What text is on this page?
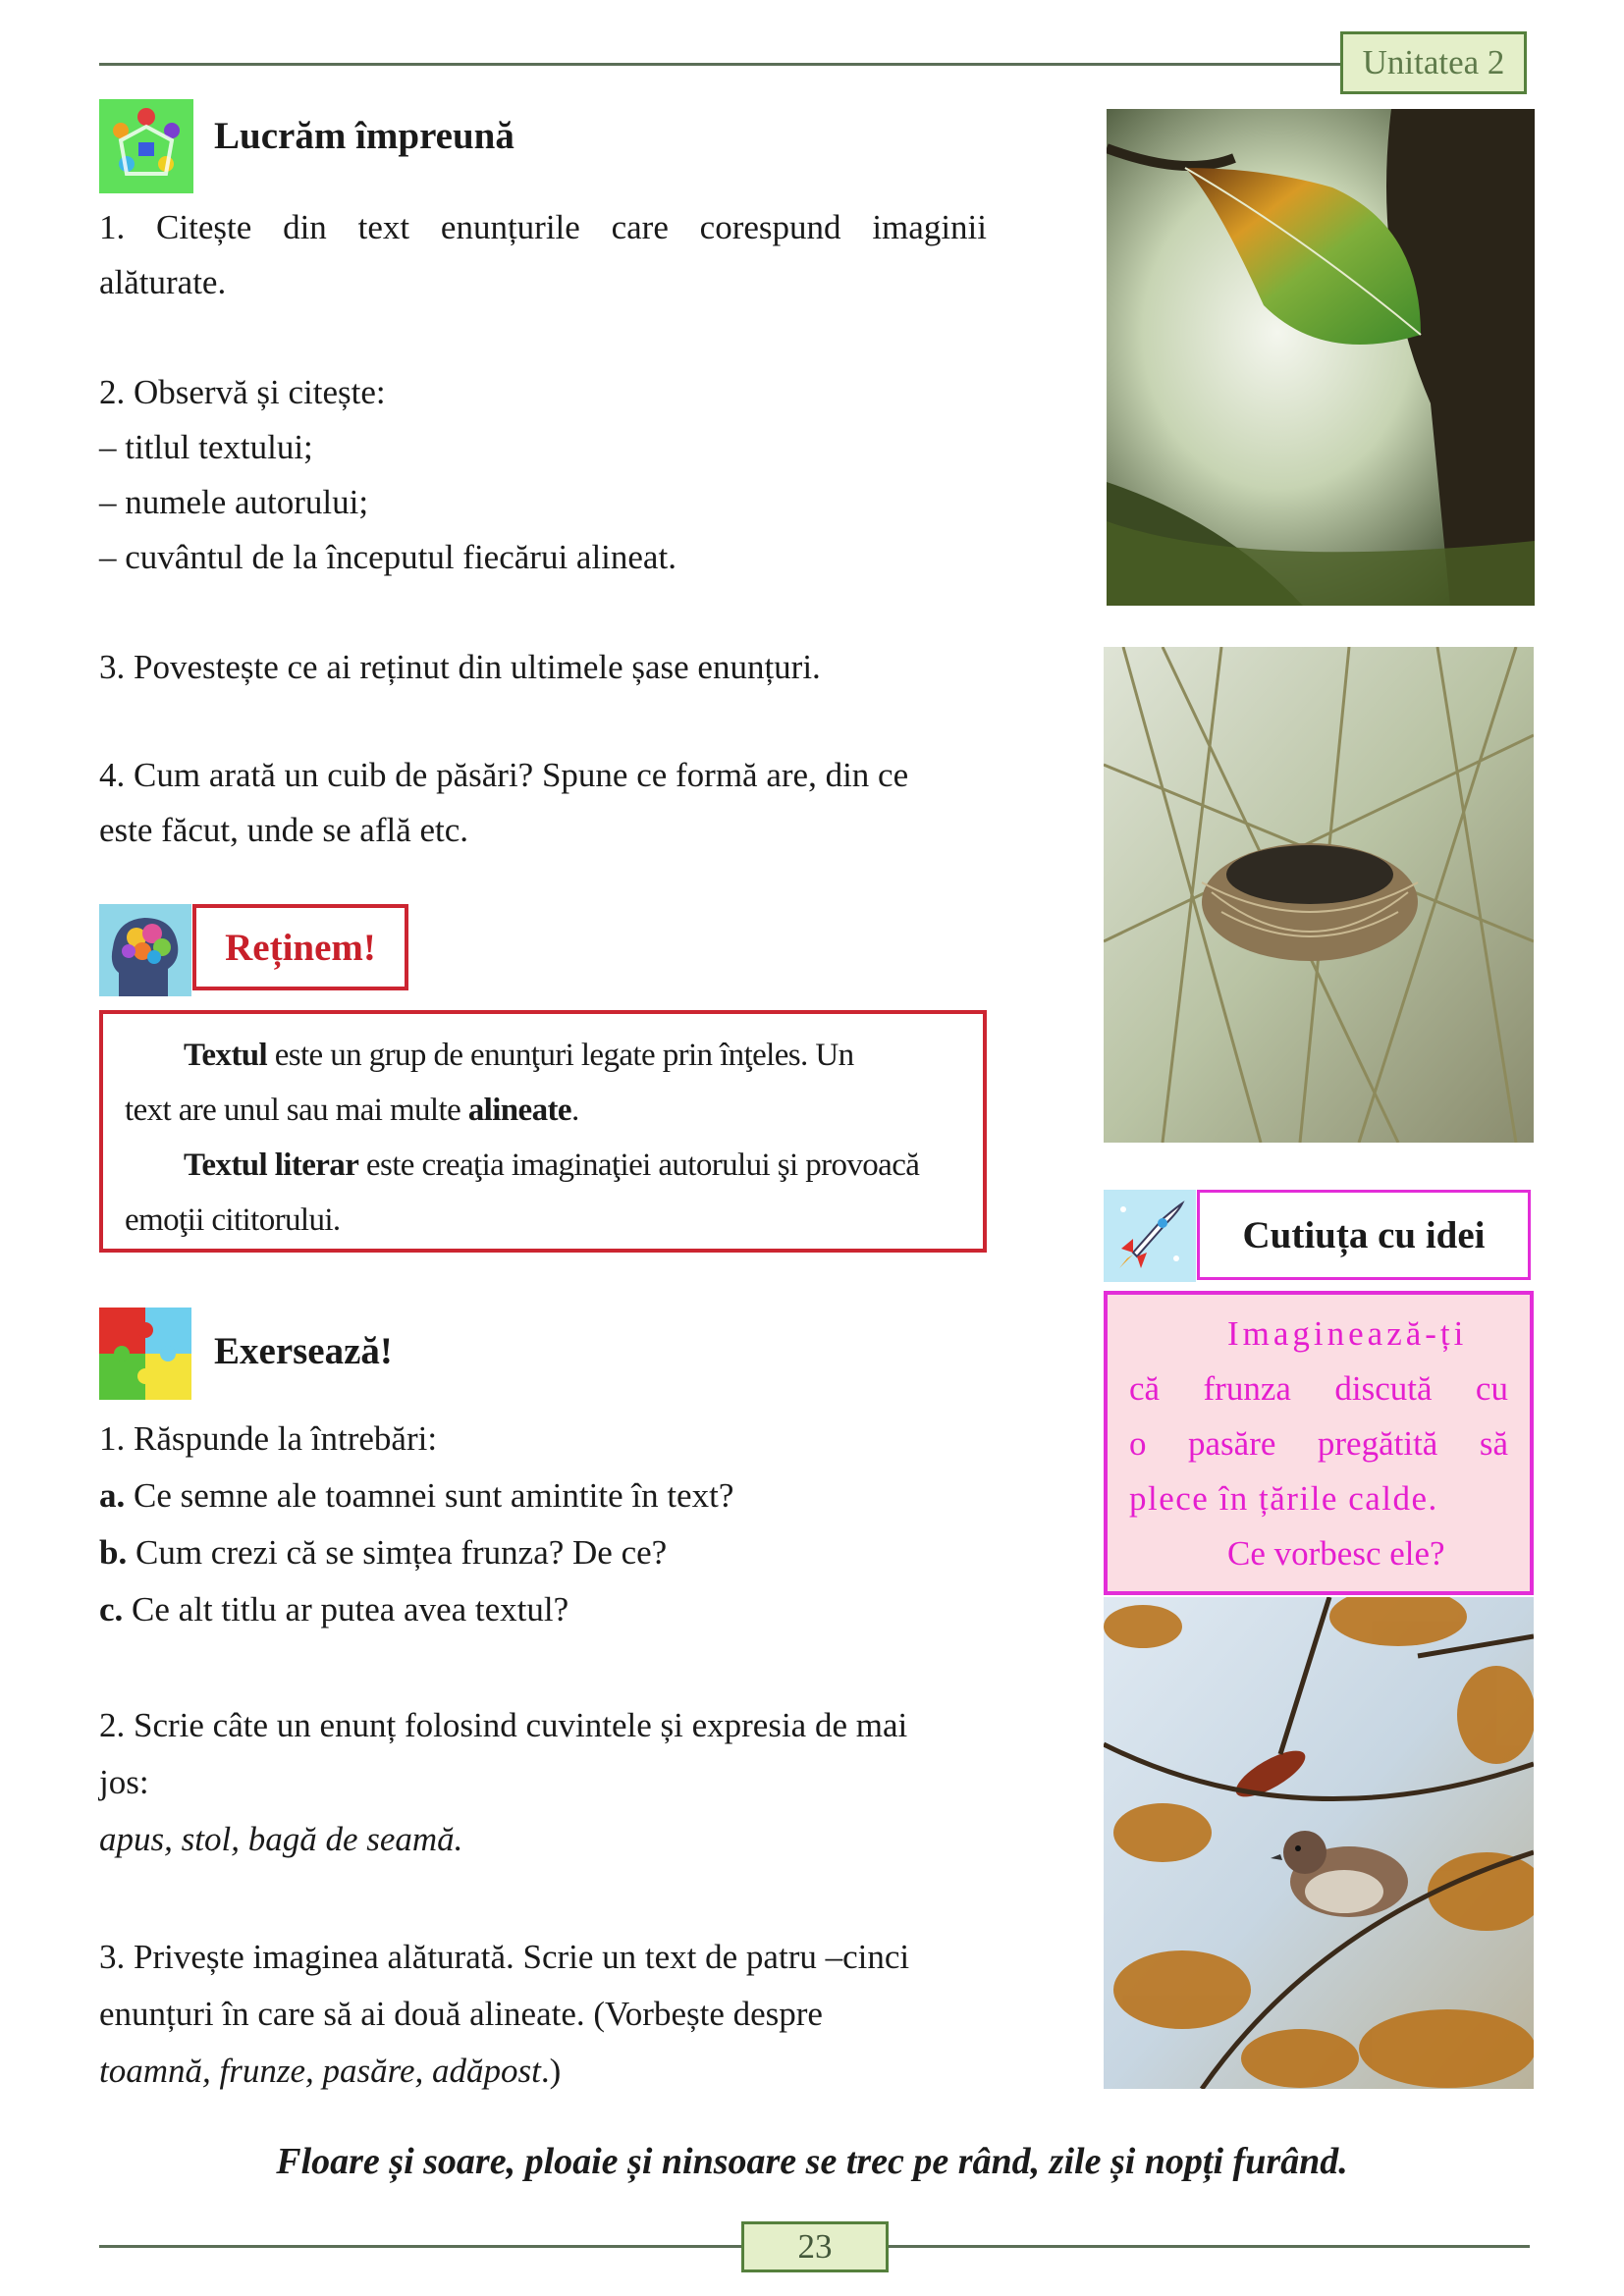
Unitatea 2
Lucrăm împreună
1. Citește din text enunțurile care corespund imaginii
alăturate.
2. Observă și citește:
– titlul textului;
– numele autorului;
– cuvântul de la începutul fiecărui alineat.
3. Povestește ce ai reținut din ultimele șase enunțuri.
4. Cum arată un cuib de păsări? Spune ce formă are, din ce
este făcut, unde se află etc.
Reținem!

Textul este un grup de enunţuri legate prin înţeles. Un
text are unul sau mai multe alineate.

Textul literar este creaţia imaginaţiei autorului şi provoacă
emoţii cititorului.

Exersează!
1. Răspunde la întrebări:
a. Ce semne ale toamnei sunt amintite în text?
b. Cum crezi că se simțea frunza? De ce?
c. Ce alt titlu ar putea avea textul?
2. Scrie câte un enunț folosind cuvintele și expresia de mai
jos:
apus, stol, bagă de seamă.
3. Privește imaginea alăturată. Scrie un text de patru –cinci
enunțuri în care să ai două alineate. (Vorbește despre
toamnă, frunze, pasăre, adăpost.)
Cutiuța cu idei
Imaginează-ți
că frunza discută cu
o pasăre pregătită să
plece în țările calde.
Ce vorbesc ele?
Floare și soare, ploaie și ninsoare se trec pe rând, zile și nopți furând.
23
